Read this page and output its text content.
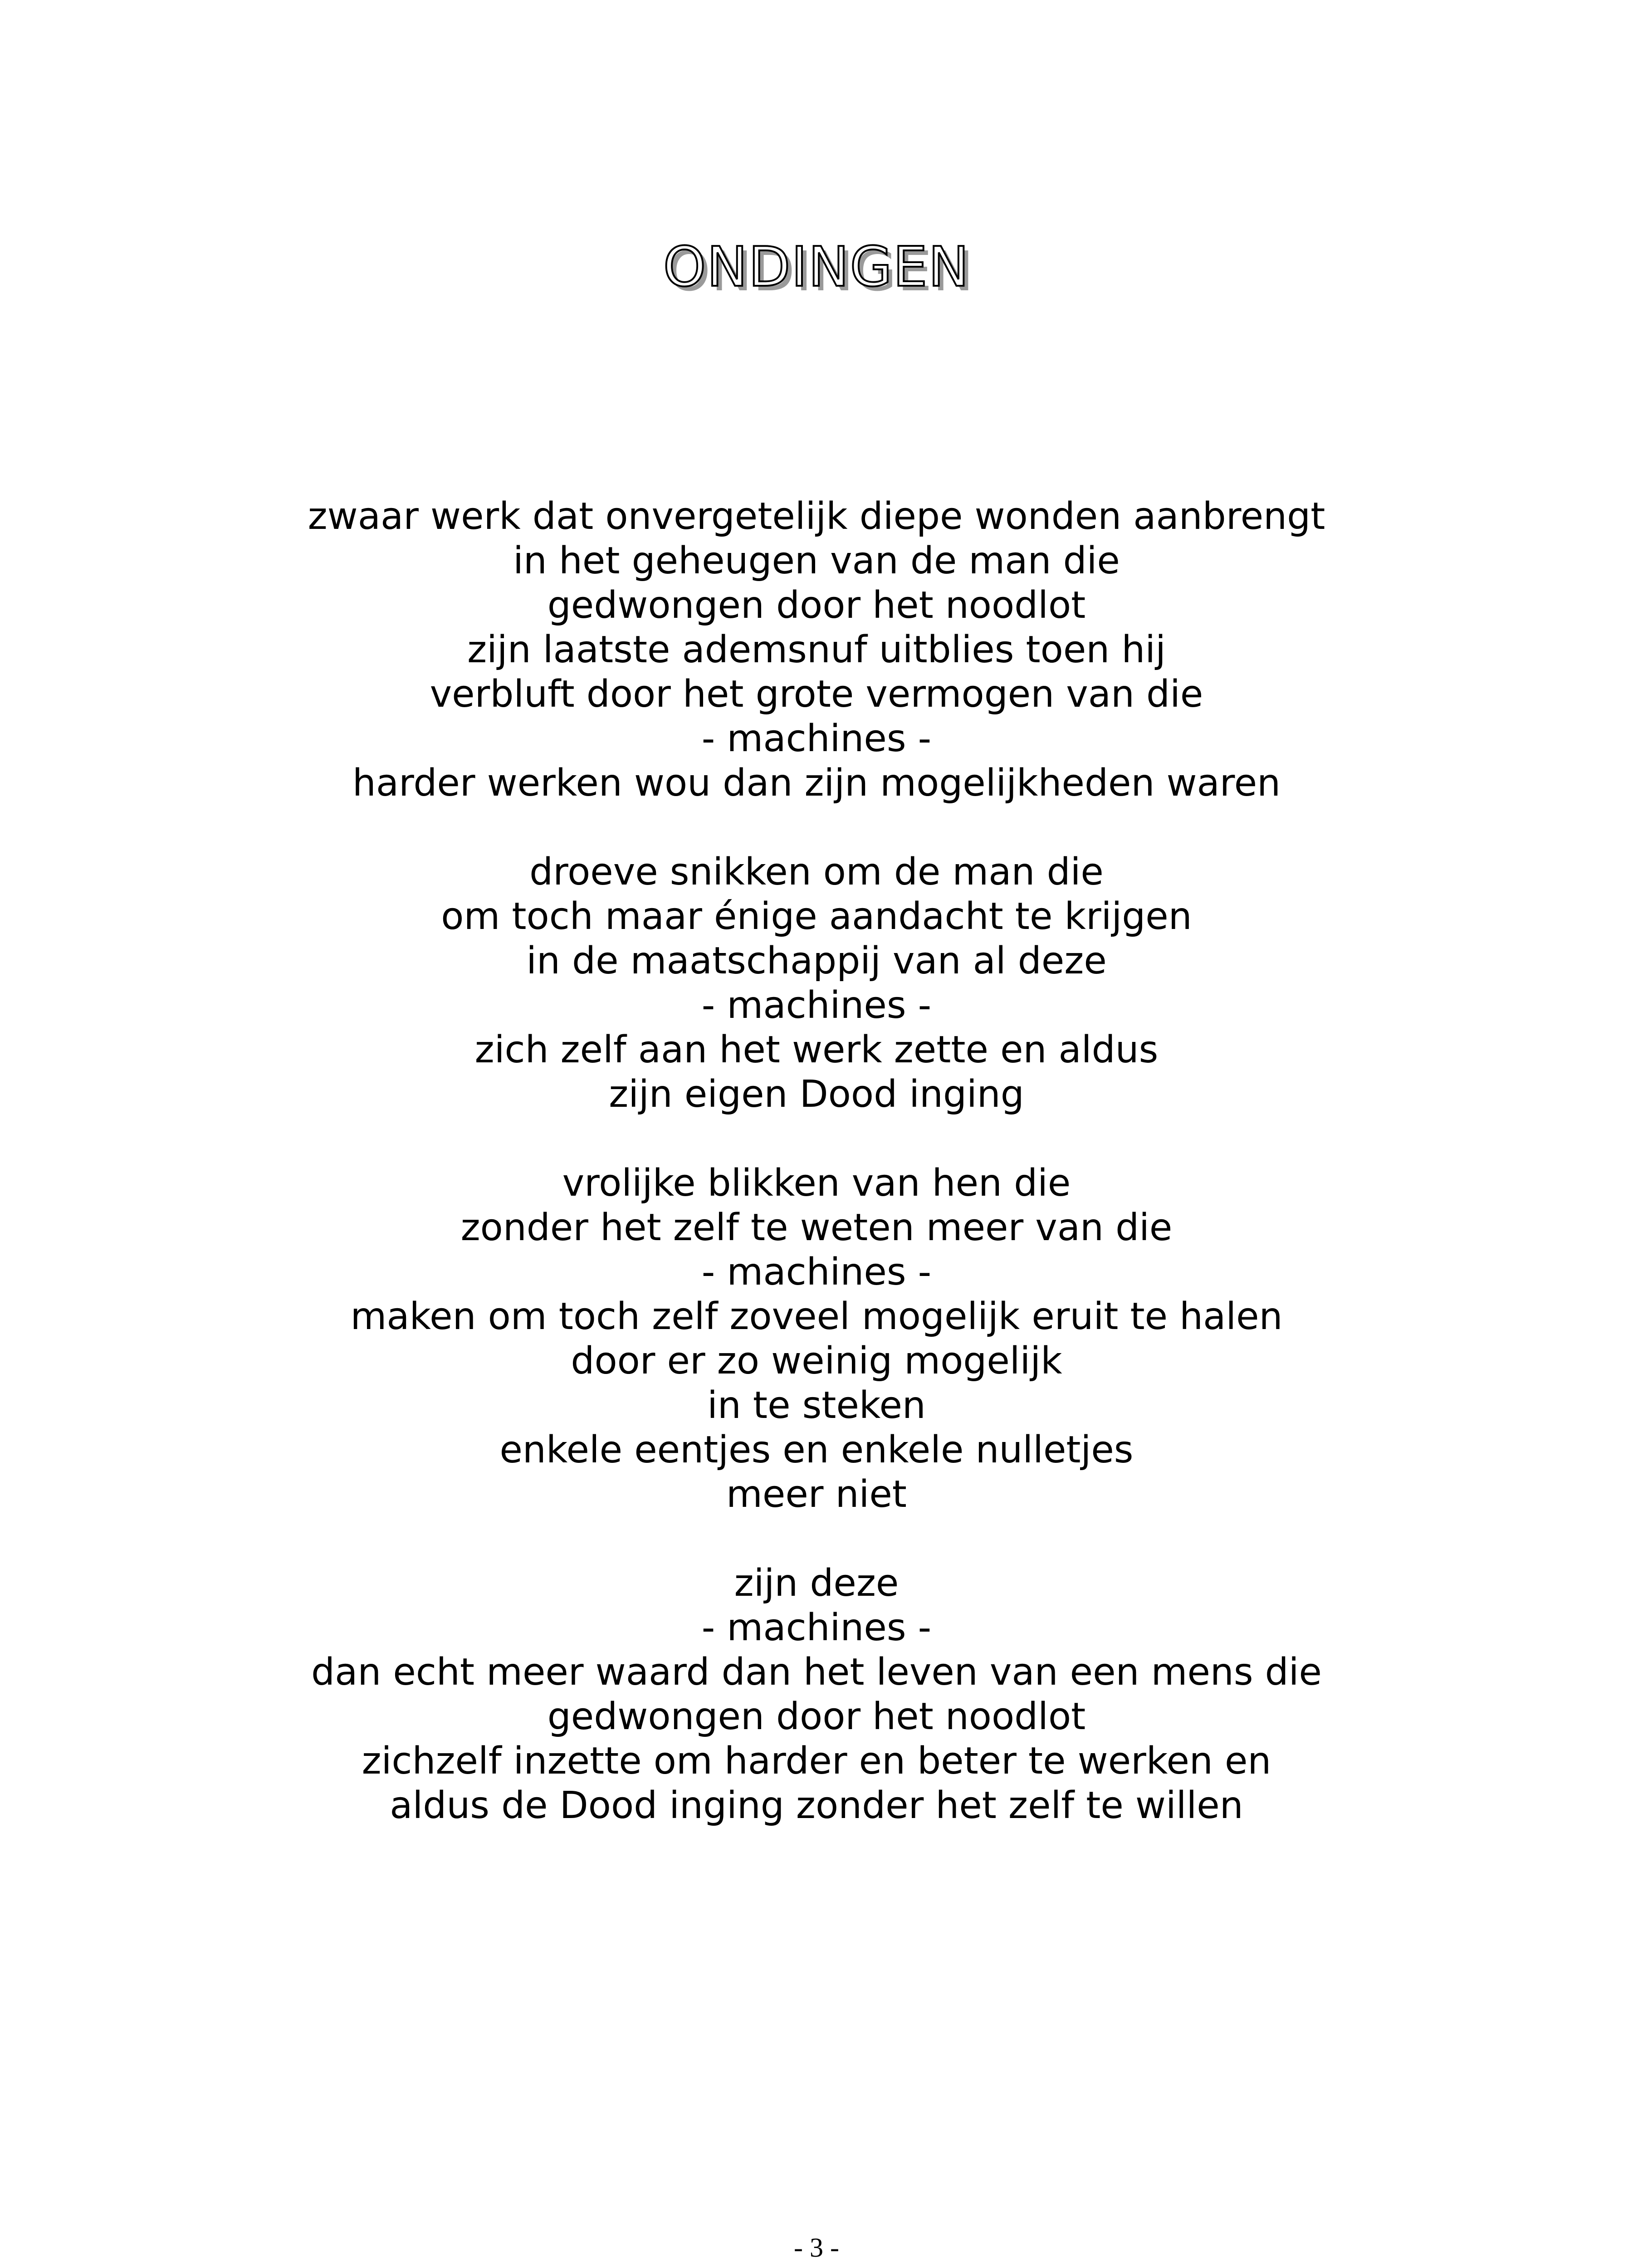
ONDINGEN
zwaar werk dat onvergetelijk diepe wonden aanbrengt
in het geheugen van de man die
gedwongen door het noodlot
zijn laatste ademsnuf uitblies toen hij
verbluft door het grote vermogen van die
- machines -
harder werken wou dan zijn mogelijkheden waren
droeve snikken om de man die
om toch maar énige aandacht te krijgen
in de maatschappij van al deze
- machines -
zich zelf aan het werk zette en aldus
zijn eigen Dood inging
vrolijke blikken van hen die
zonder het zelf te weten meer van die
- machines -
maken om toch zelf zoveel mogelijk eruit te halen
door er zo weinig mogelijk
in te steken
enkele eentjes en enkele nulletjes
meer niet
zijn deze
- machines -
dan echt meer waard dan het leven van een mens die
gedwongen door het noodlot
zichzelf inzette om harder en beter te werken en
aldus de Dood inging zonder het zelf te willen
- 3 -
